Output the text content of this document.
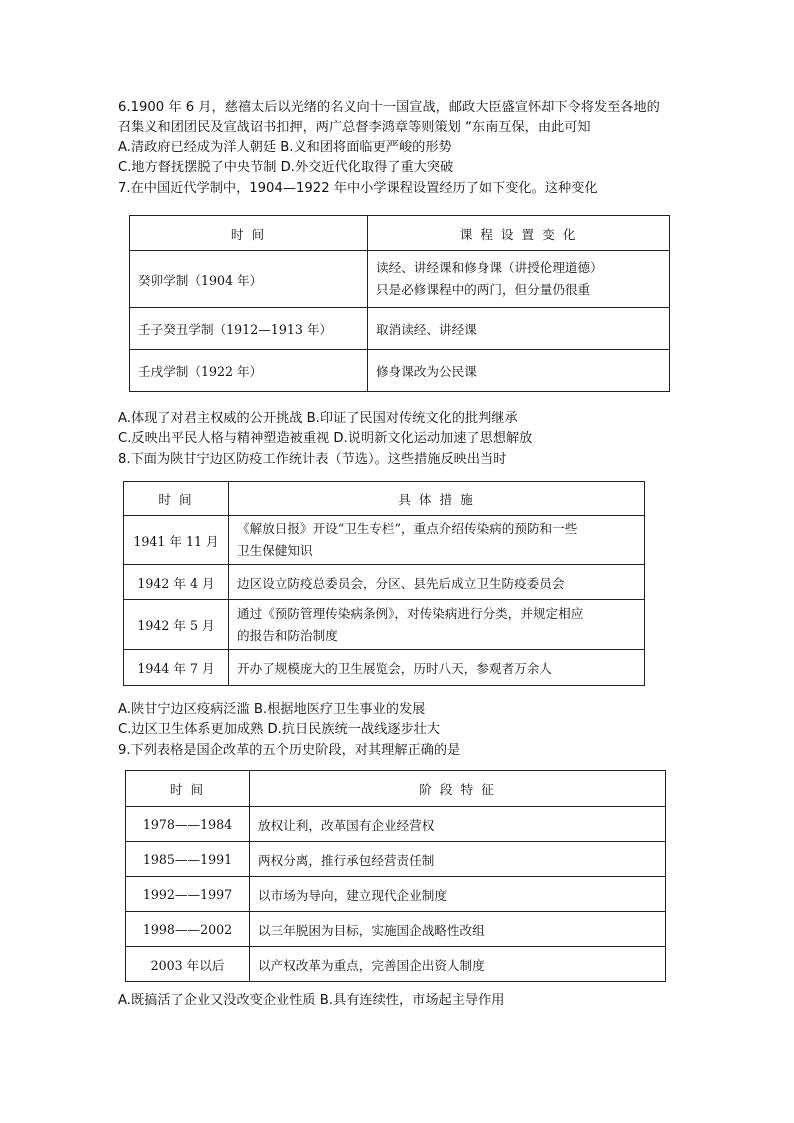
6.1900 年 6 月，慈禧太后以光绪的名义向十一国宣战，邮政大臣盛宣怀却下令将发至各地的
召集义和团团民及宣战诏书扣押，两广总督李鸿章等则策划 “东南互保，由此可知
A.清政府已经成为洋人朝廷 B.义和团将面临更严峻的形势
C.地方督抚摆脱了中央节制 D.外交近代化取得了重大突破
7.在中国近代学制中，1904—1922 年中小学课程设置经历了如下变化。这种变化
时 间	课 程 设 置 变 化
癸卯学制（1904 年）	读经、讲经课和修身课（讲授伦理道德）
只是必修课程中的两门，但分量仍很重

壬子癸丑学制（1912—1913 年）	取消读经、讲经课
壬戌学制（1922 年）	修身课改为公民课
A.体现了对君主权威的公开挑战 B.印证了民国对传统文化的批判继承
C.反映出平民人格与精神塑造被重视 D.说明新文化运动加速了思想解放
8.下面为陕甘宁边区防疫工作统计表（节选）。这些措施反映出当时
时 间	具 体 措 施
1941 年 11 月	《解放日报》开设“卫生专栏”，重点介绍传染病的预防和一些
卫生保健知识

1942 年 4 月	边区设立防疫总委员会，分区、县先后成立卫生防疫委员会
1942 年 5 月	通过《预防管理传染病条例》，对传染病进行分类，并规定相应
的报告和防治制度

1944 年 7 月	开办了规模庞大的卫生展览会，历时八天，参观者万余人
A.陕甘宁边区疫病泛滥 B.根据地医疗卫生事业的发展
C.边区卫生体系更加成熟 D.抗日民族统一战线逐步壮大
9.下列表格是国企改革的五个历史阶段，对其理解正确的是
时 间	阶 段 特 征
1978——1984	放权让利，改革国有企业经营权
1985——1991	两权分离，推行承包经营责任制
1992——1997	以市场为导向，建立现代企业制度
1998——2002	以三年脱困为目标，实施国企战略性改组
2003 年以后	以产权改革为重点，完善国企出资人制度
A.既搞活了企业又没改变企业性质 B.具有连续性，市场起主导作用
